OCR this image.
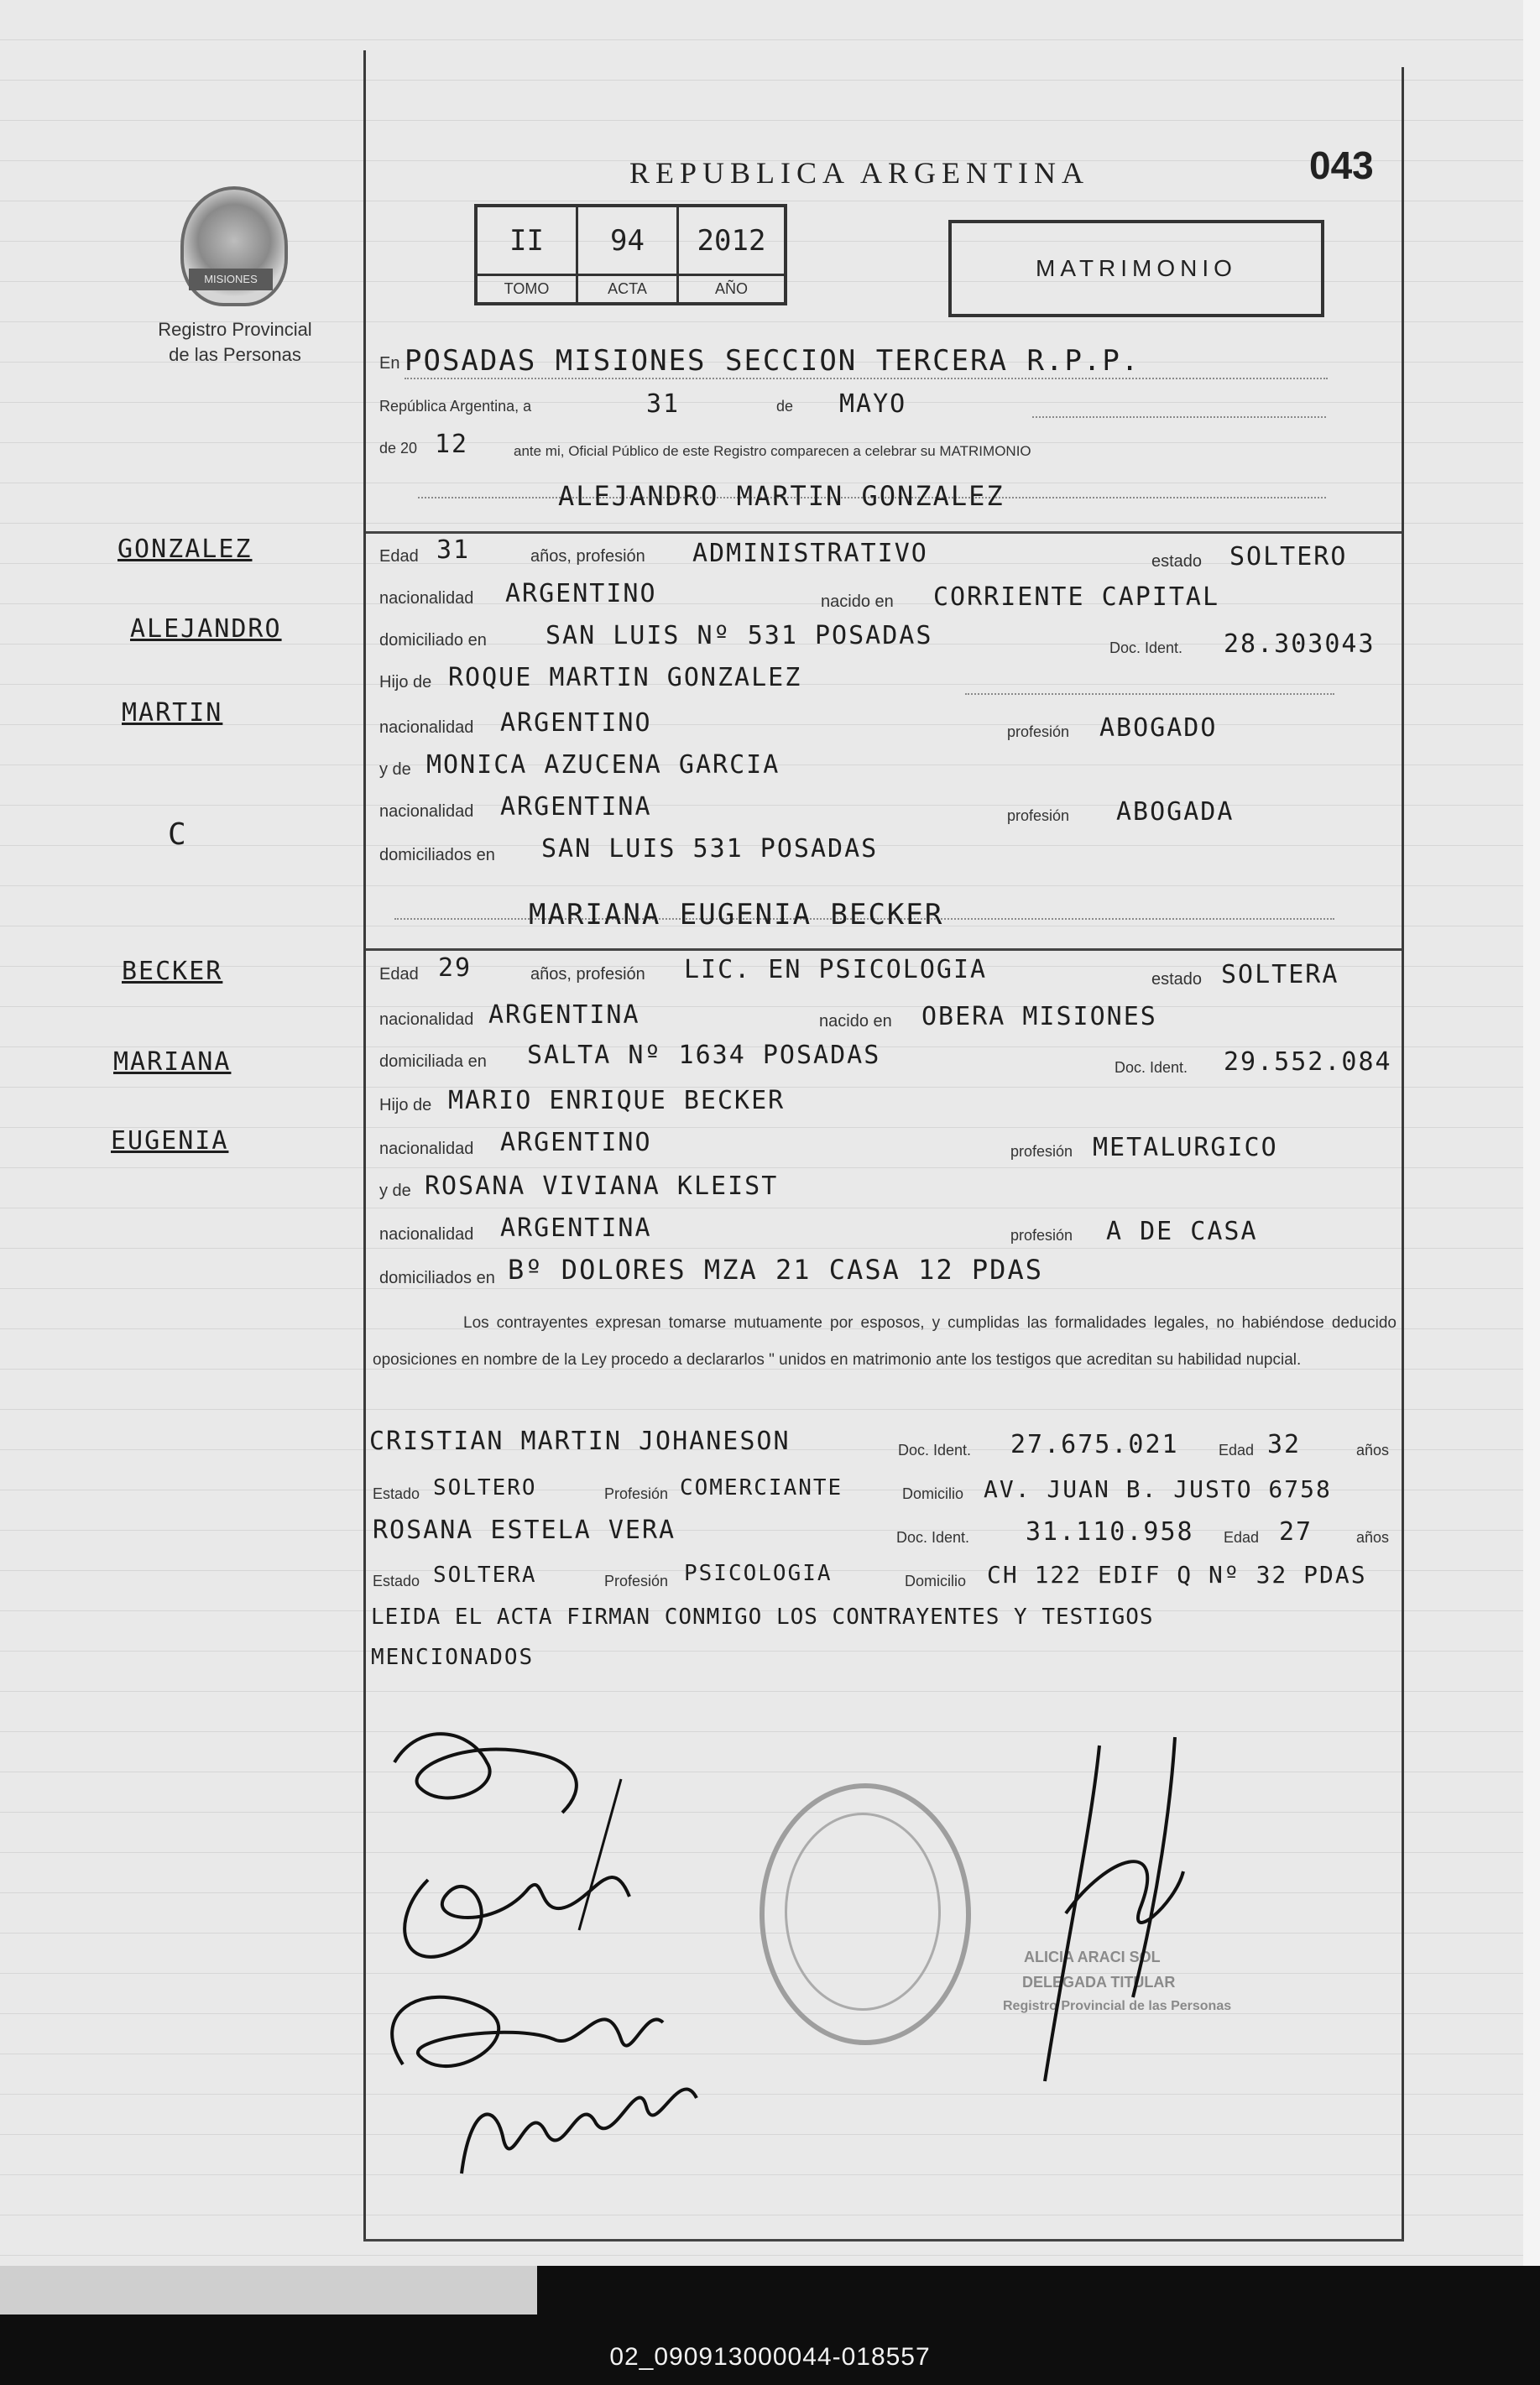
02_090913000044-018557
MISIONES
Registro Provincial
de las Personas
REPUBLICA ARGENTINA	043
II	94	2012
TOMO	ACTA	AÑO
MATRIMONIO
En POSADAS MISIONES SECCION TERCERA R.P.P.
República Argentina, a	31	de MAYO
de 20 12	ante mi, Oficial Público de este Registro comparecen a celebrar su MATRIMONIO
ALEJANDRO MARTIN GONZALEZ
Edad 31	años, profesión ADMINISTRATIVO	estado SOLTERO
nacionalidad ARGENTINO	nacido en CORRIENTE CAPITAL
domiciliado en SAN LUIS Nº 531 POSADAS	Doc. Ident. 28.303043
Hijo de ROQUE MARTIN GONZALEZ
nacionalidad ARGENTINO	profesión ABOGADO
y de MONICA AZUCENA GARCIA
nacionalidad ARGENTINA	profesión ABOGADA
domiciliados en SAN LUIS 531 POSADAS
MARIANA EUGENIA BECKER
Edad 29	años, profesión LIC. EN PSICOLOGIA	estado SOLTERA
nacionalidad ARGENTINA	nacido en OBERA MISIONES
domiciliada en SALTA Nº 1634 POSADAS	Doc. Ident. 29.552.084
Hijo de MARIO ENRIQUE BECKER
nacionalidad ARGENTINO	profesión METALURGICO
y de ROSANA VIVIANA KLEIST
nacionalidad ARGENTINA	profesión A DE CASA
domiciliados en Bº DOLORES MZA 21 CASA 12 PDAS
Los contrayentes expresan tomarse mutuamente por esposos, y cumplidas las formalidades legales, no habiéndose deducido oposiciones en nombre de la Ley procedo a declararlos " unidos en matrimonio ante los testigos que acreditan su habilidad nupcial.
CRISTIAN MARTIN JOHANESON	Doc. Ident. 27.675.021	Edad 32	años
Estado SOLTERO	Profesión COMERCIANTE	Domicilio AV. JUAN B. JUSTO 6758
ROSANA ESTELA VERA	Doc. Ident. 31.110.958 Edad 27	años
Estado SOLTERA	Profesión PSICOLOGIA	Domicilio CH 122 EDIF Q Nº 32 PDAS
LEIDA EL ACTA FIRMAN CONMIGO LOS CONTRAYENTES Y TESTIGOS
MENCIONADOS
GONZALEZ
ALEJANDRO
MARTIN
C
BECKER
MARIANA
EUGENIA
ALICIA ARACI SOL
DELEGADA TITULAR
Registro Provincial de las Personas
